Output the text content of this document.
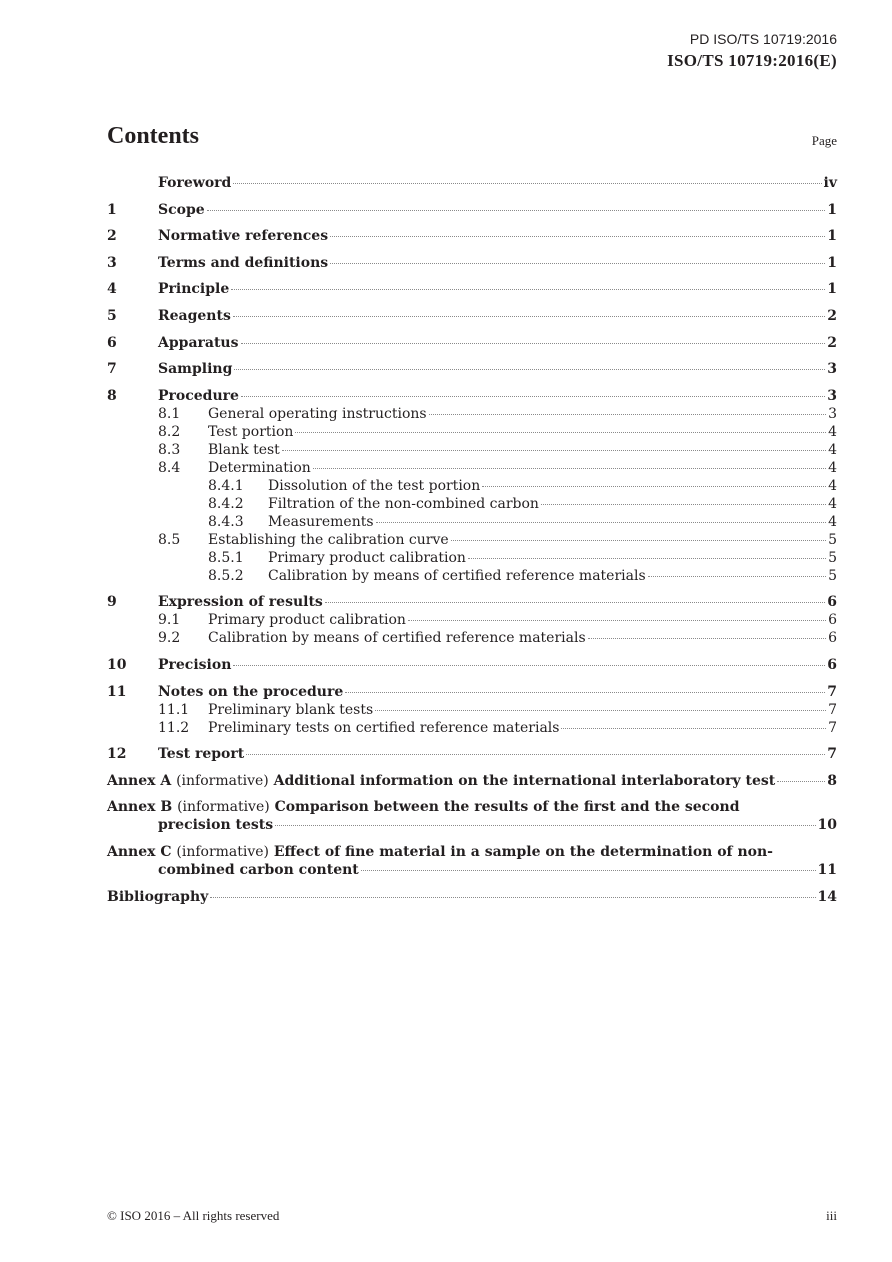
PD ISO/TS 10719:2016
ISO/TS 10719:2016(E)
Contents	Page
Foreword	iv
1	Scope	1
2	Normative references	1
3	Terms and definitions	1
4	Principle	1
5	Reagents	2
6	Apparatus	2
7	Sampling	3
8	Procedure	3
8.1	General operating instructions	3
8.2	Test portion	4
8.3	Blank test	4
8.4	Determination	4
8.4.1	Dissolution of the test portion	4
8.4.2	Filtration of the non-combined carbon	4
8.4.3	Measurements	4
8.5	Establishing the calibration curve	5
8.5.1	Primary product calibration	5
8.5.2	Calibration by means of certified reference materials	5
9	Expression of results	6
9.1	Primary product calibration	6
9.2	Calibration by means of certified reference materials	6
10	Precision	6
11	Notes on the procedure	7
11.1	Preliminary blank tests	7
11.2	Preliminary tests on certified reference materials	7
12	Test report	7
Annex A (informative) Additional information on the international interlaboratory test	8
Annex B (informative) Comparison between the results of the first and the second
precision tests	10
Annex C (informative) Effect of fine material in a sample on the determination of non-
combined carbon content	11
Bibliography	14
© ISO 2016 – All rights reserved	iii
